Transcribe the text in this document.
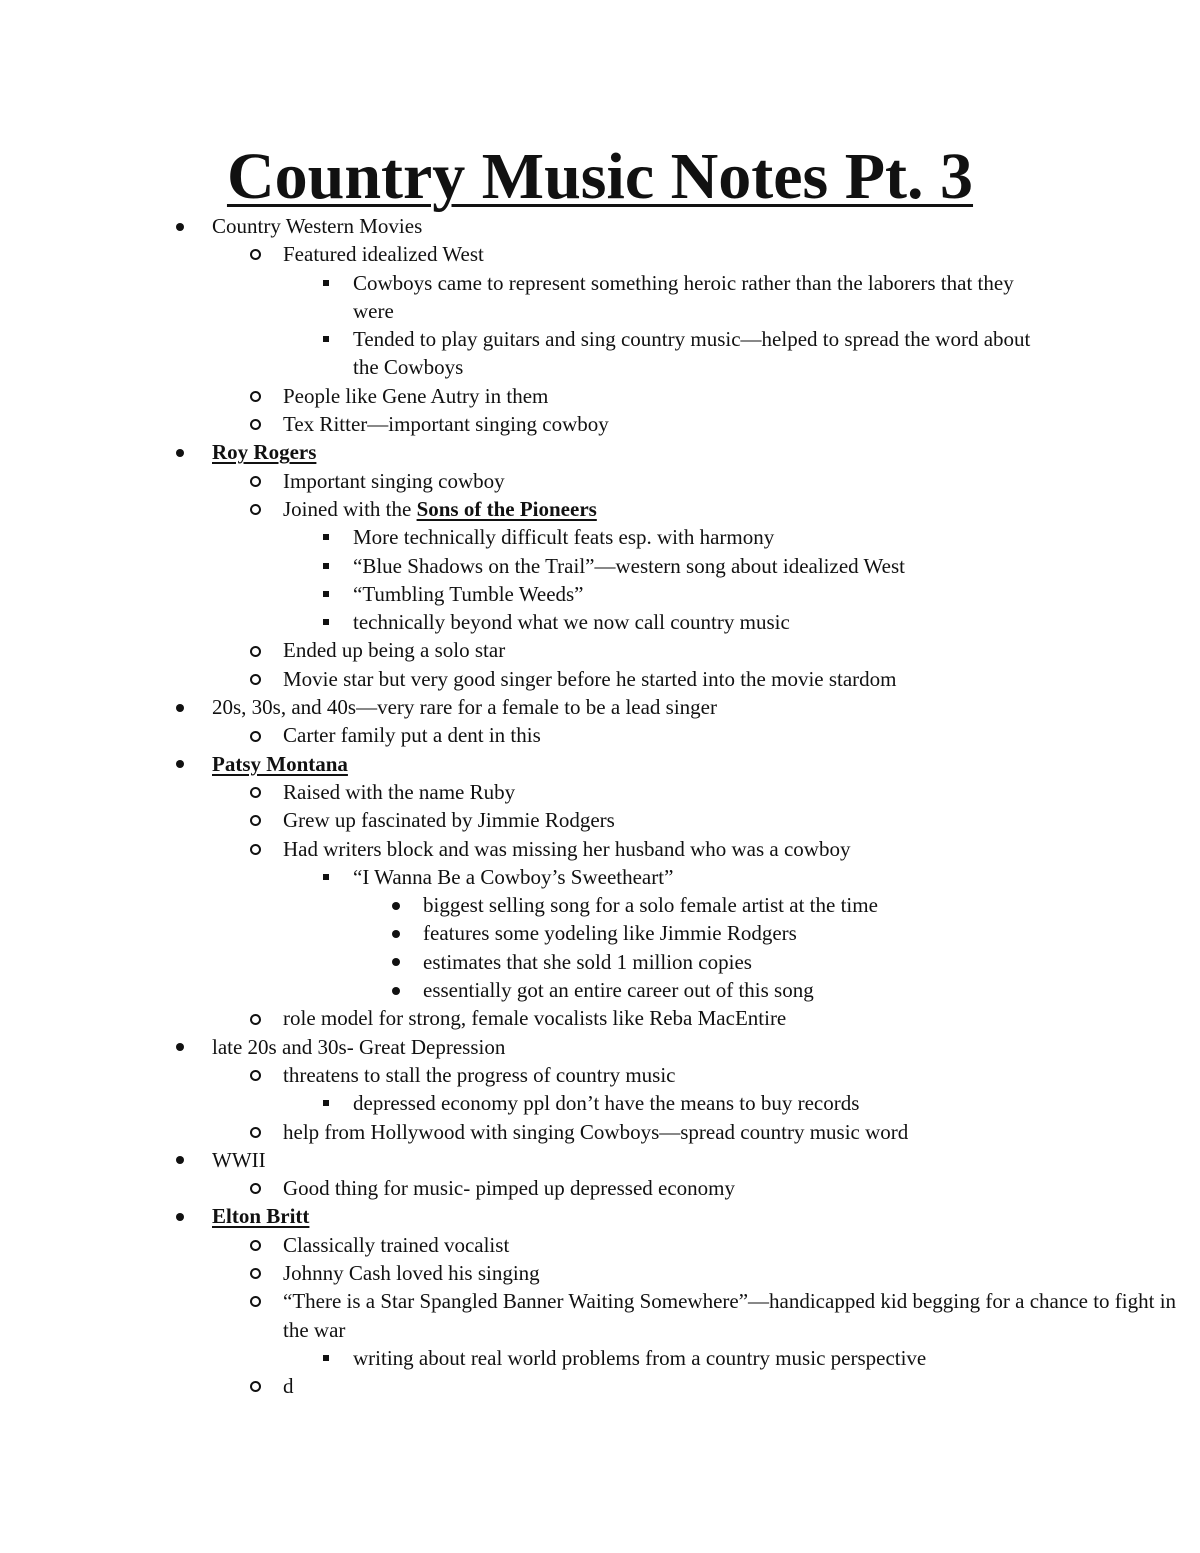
Country Music Notes Pt. 3
Country Western Movies
Featured idealized West
Cowboys came to represent something heroic rather than the laborers that they were
Tended to play guitars and sing country music—helped to spread the word about the Cowboys
People like Gene Autry in them
Tex Ritter—important singing cowboy
Roy Rogers
Important singing cowboy
Joined with the Sons of the Pioneers
More technically difficult feats esp. with harmony
“Blue Shadows on the Trail”—western song about idealized West
“Tumbling Tumble Weeds”
technically beyond what we now call country music
Ended up being a solo star
Movie star but very good singer before he started into the movie stardom
20s, 30s, and 40s—very rare for a female to be a lead singer
Carter family put a dent in this
Patsy Montana
Raised with the name Ruby
Grew up fascinated by Jimmie Rodgers
Had writers block and was missing her husband who was a cowboy
“I Wanna Be a Cowboy’s Sweetheart”
biggest selling song for a solo female artist at the time
features some yodeling like Jimmie Rodgers
estimates that she sold 1 million copies
essentially got an entire career out of this song
role model for strong, female vocalists like Reba MacEntire
late 20s and 30s- Great Depression
threatens to stall the progress of country music
depressed economy ppl don’t have the means to buy records
help from Hollywood with singing Cowboys—spread country music word
WWII
Good thing for music- pimped up depressed economy
Elton Britt
Classically trained vocalist
Johnny Cash loved his singing
“There is a Star Spangled Banner Waiting Somewhere”—handicapped kid begging for a chance to fight in the war
writing about real world problems from a country music perspective
d
